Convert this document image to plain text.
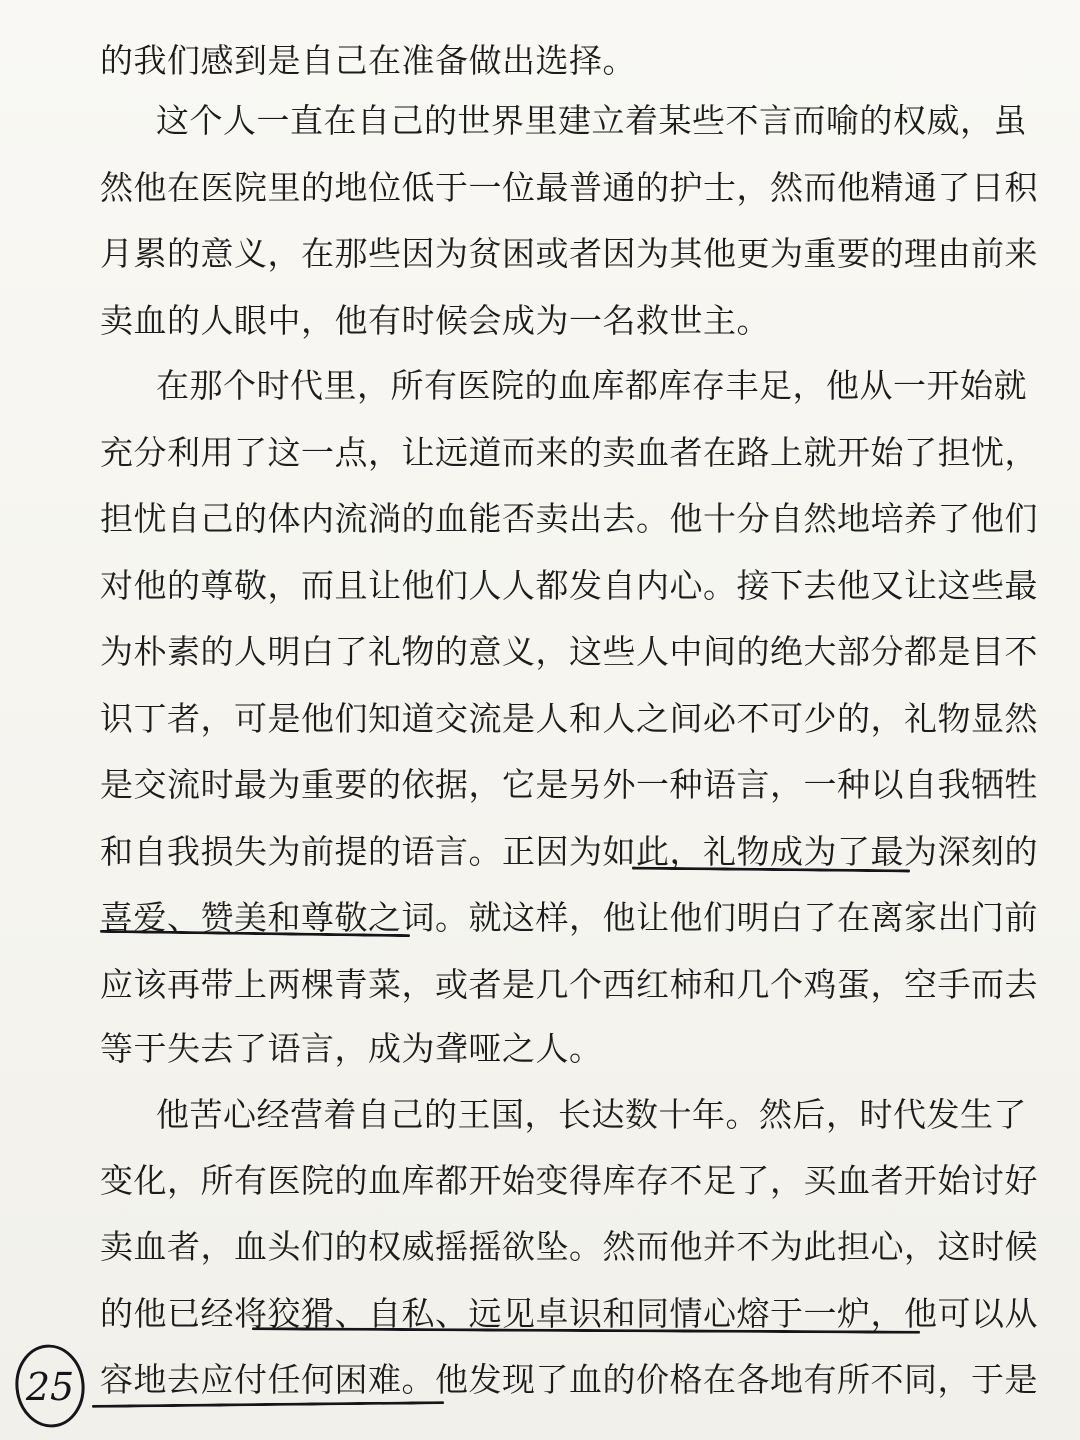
的我们感到是自己在准备做出选择。
这个人一直在自己的世界里建立着某些不言而喻的权威，虽
然他在医院里的地位低于一位最普通的护士，然而他精通了日积
月累的意义，在那些因为贫困或者因为其他更为重要的理由前来
卖血的人眼中，他有时候会成为一名救世主。
在那个时代里，所有医院的血库都库存丰足，他从一开始就
充分利用了这一点，让远道而来的卖血者在路上就开始了担忧，
担忧自己的体内流淌的血能否卖出去。他十分自然地培养了他们
对他的尊敬，而且让他们人人都发自内心。接下去他又让这些最
为朴素的人明白了礼物的意义，这些人中间的绝大部分都是目不
识丁者，可是他们知道交流是人和人之间必不可少的，礼物显然
是交流时最为重要的依据，它是另外一种语言，一种以自我牺牲
和自我损失为前提的语言。正因为如此，礼物成为了最为深刻的
喜爱、赞美和尊敬之词。就这样，他让他们明白了在离家出门前
应该再带上两棵青菜，或者是几个西红柿和几个鸡蛋，空手而去
等于失去了语言，成为聋哑之人。
他苦心经营着自己的王国，长达数十年。然后，时代发生了
变化，所有医院的血库都开始变得库存不足了，买血者开始讨好
卖血者，血头们的权威摇摇欲坠。然而他并不为此担心，这时候
的他已经将狡猾、自私、远见卓识和同情心熔于一炉，他可以从
容地去应付任何困难。他发现了血的价格在各地有所不同，于是
25
